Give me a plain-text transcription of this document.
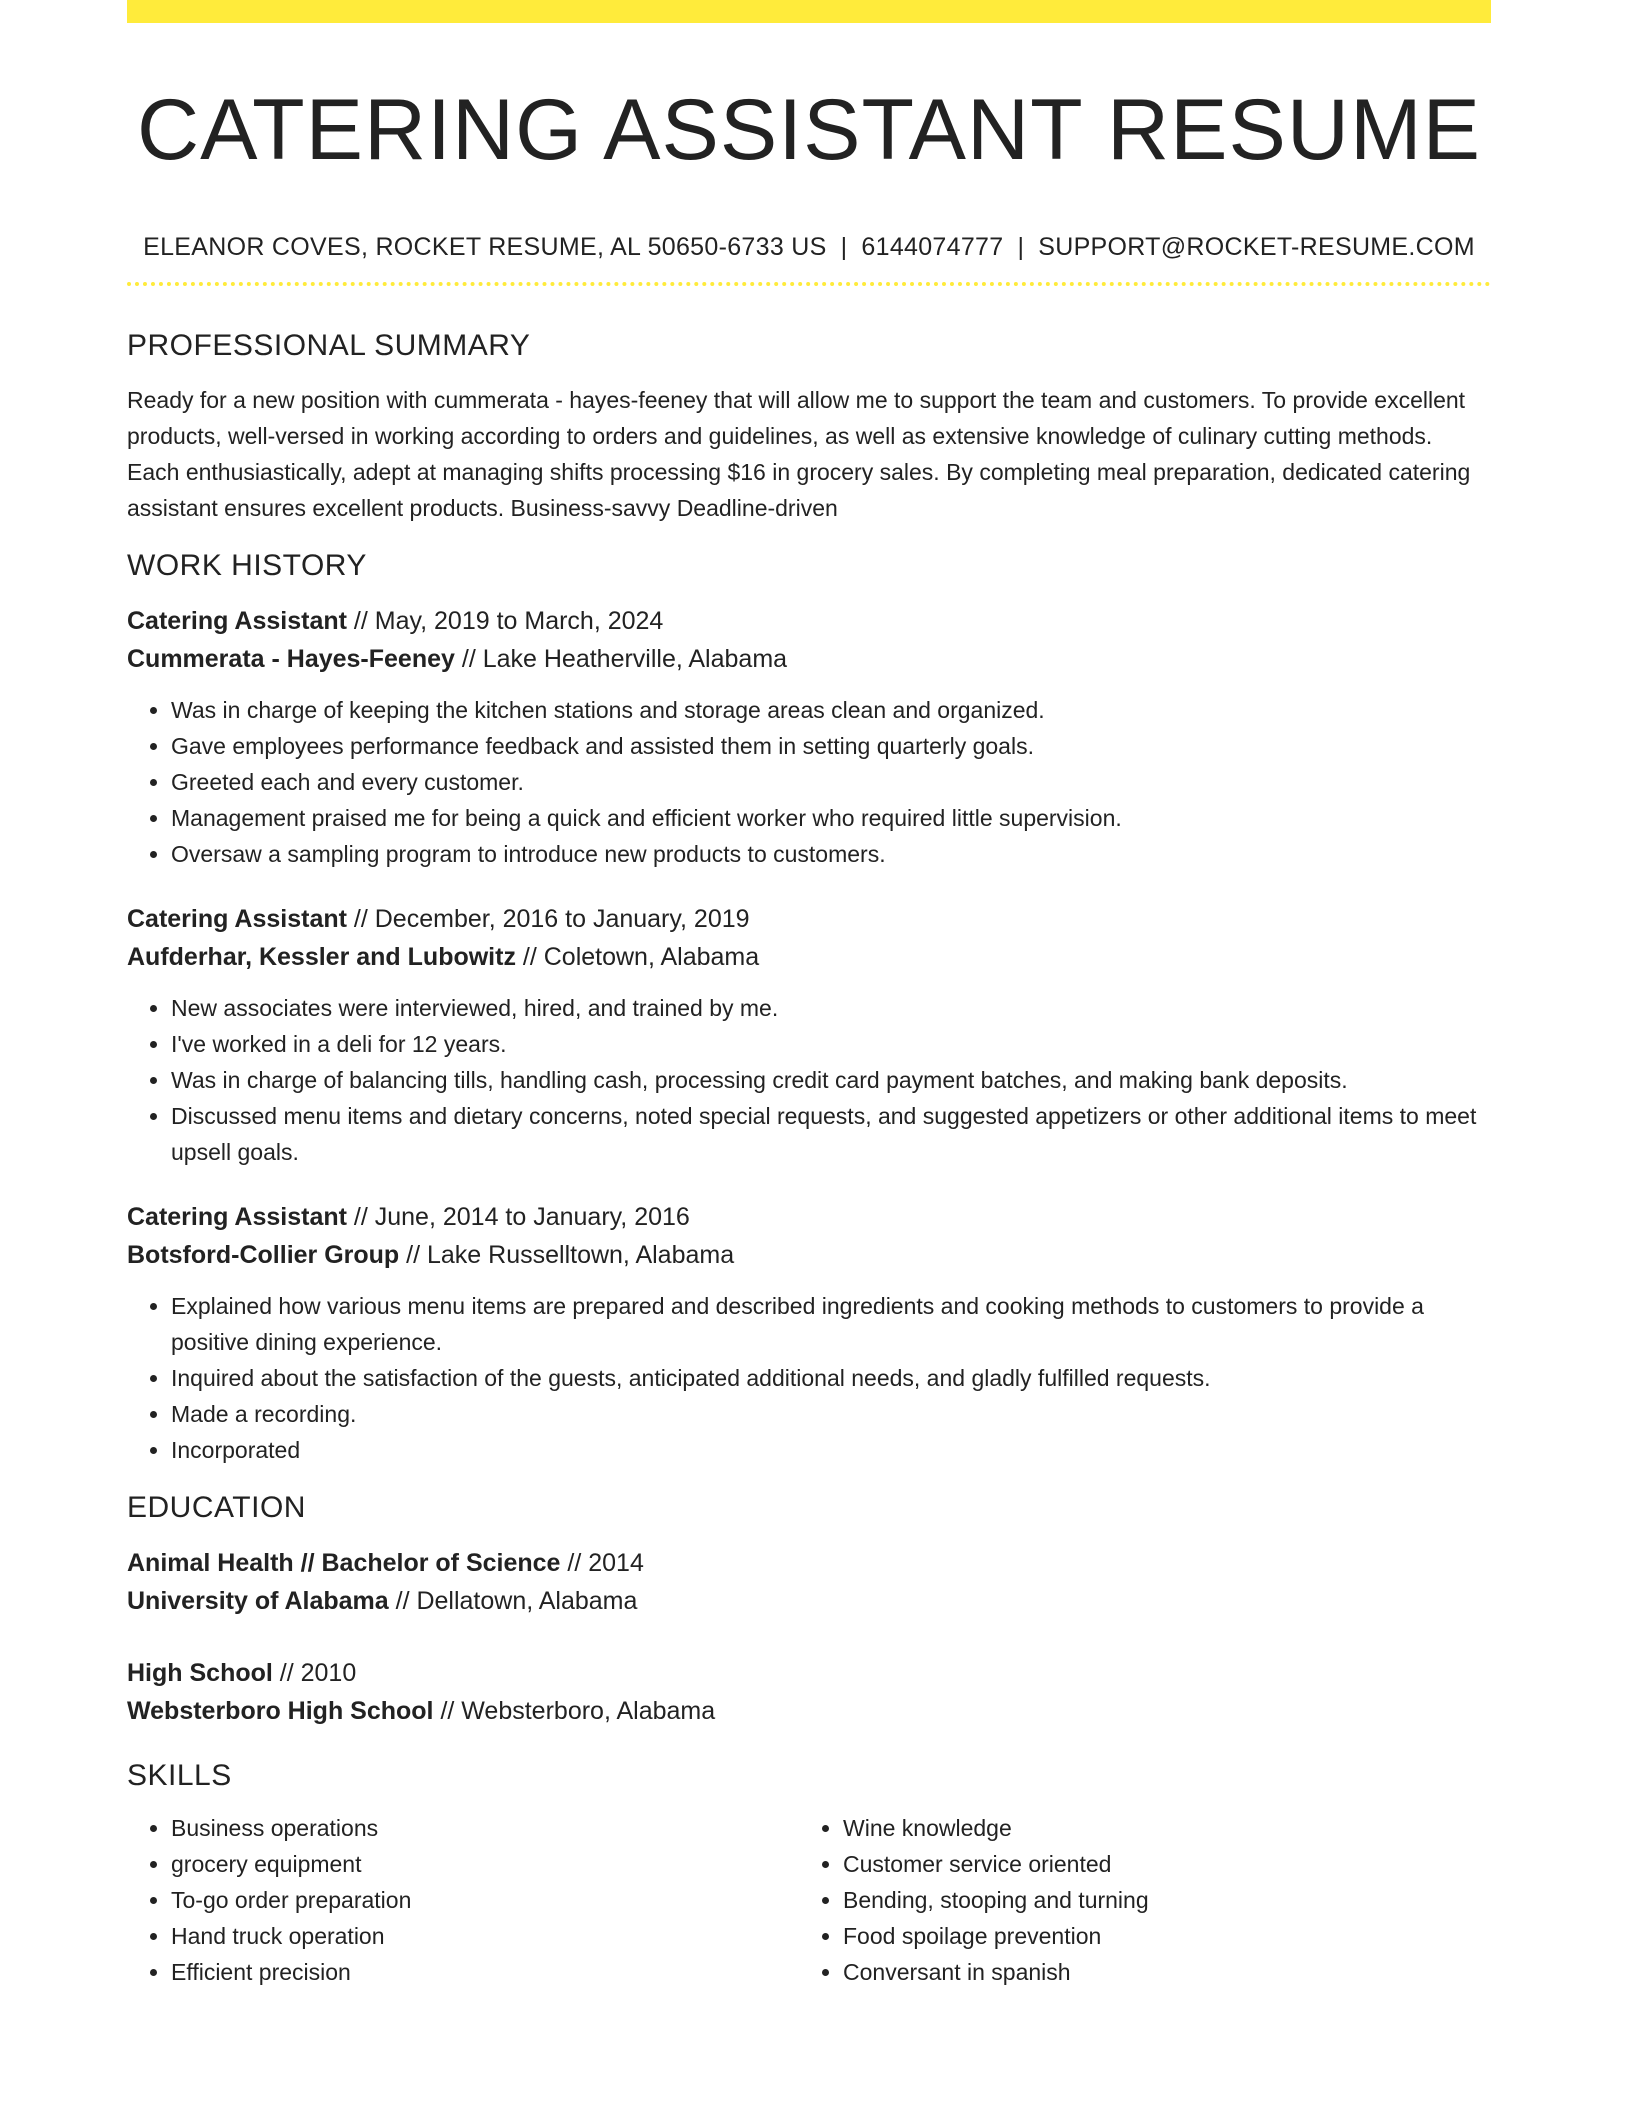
CATERING ASSISTANT RESUME
ELEANOR COVES, ROCKET RESUME, AL 50650-6733 US | 6144074777 | SUPPORT@ROCKET-RESUME.COM
PROFESSIONAL SUMMARY
Ready for a new position with cummerata - hayes-feeney that will allow me to support the team and customers. To provide excellent products, well-versed in working according to orders and guidelines, as well as extensive knowledge of culinary cutting methods. Each enthusiastically, adept at managing shifts processing $16 in grocery sales. By completing meal preparation, dedicated catering assistant ensures excellent products. Business-savvy Deadline-driven
WORK HISTORY
Catering Assistant // May, 2019 to March, 2024
Cummerata - Hayes-Feeney // Lake Heatherville, Alabama
• Was in charge of keeping the kitchen stations and storage areas clean and organized.
• Gave employees performance feedback and assisted them in setting quarterly goals.
• Greeted each and every customer.
• Management praised me for being a quick and efficient worker who required little supervision.
• Oversaw a sampling program to introduce new products to customers.
Catering Assistant // December, 2016 to January, 2019
Aufderhar, Kessler and Lubowitz // Coletown, Alabama
• New associates were interviewed, hired, and trained by me.
• I've worked in a deli for 12 years.
• Was in charge of balancing tills, handling cash, processing credit card payment batches, and making bank deposits.
• Discussed menu items and dietary concerns, noted special requests, and suggested appetizers or other additional items to meet upsell goals.
Catering Assistant // June, 2014 to January, 2016
Botsford-Collier Group // Lake Russelltown, Alabama
• Explained how various menu items are prepared and described ingredients and cooking methods to customers to provide a positive dining experience.
• Inquired about the satisfaction of the guests, anticipated additional needs, and gladly fulfilled requests.
• Made a recording.
• Incorporated
EDUCATION
Animal Health // Bachelor of Science // 2014
University of Alabama // Dellatown, Alabama
High School // 2010
Websterboro High School // Websterboro, Alabama
SKILLS
• Business operations
• grocery equipment
• To-go order preparation
• Hand truck operation
• Efficient precision
• Wine knowledge
• Customer service oriented
• Bending, stooping and turning
• Food spoilage prevention
• Conversant in spanish
